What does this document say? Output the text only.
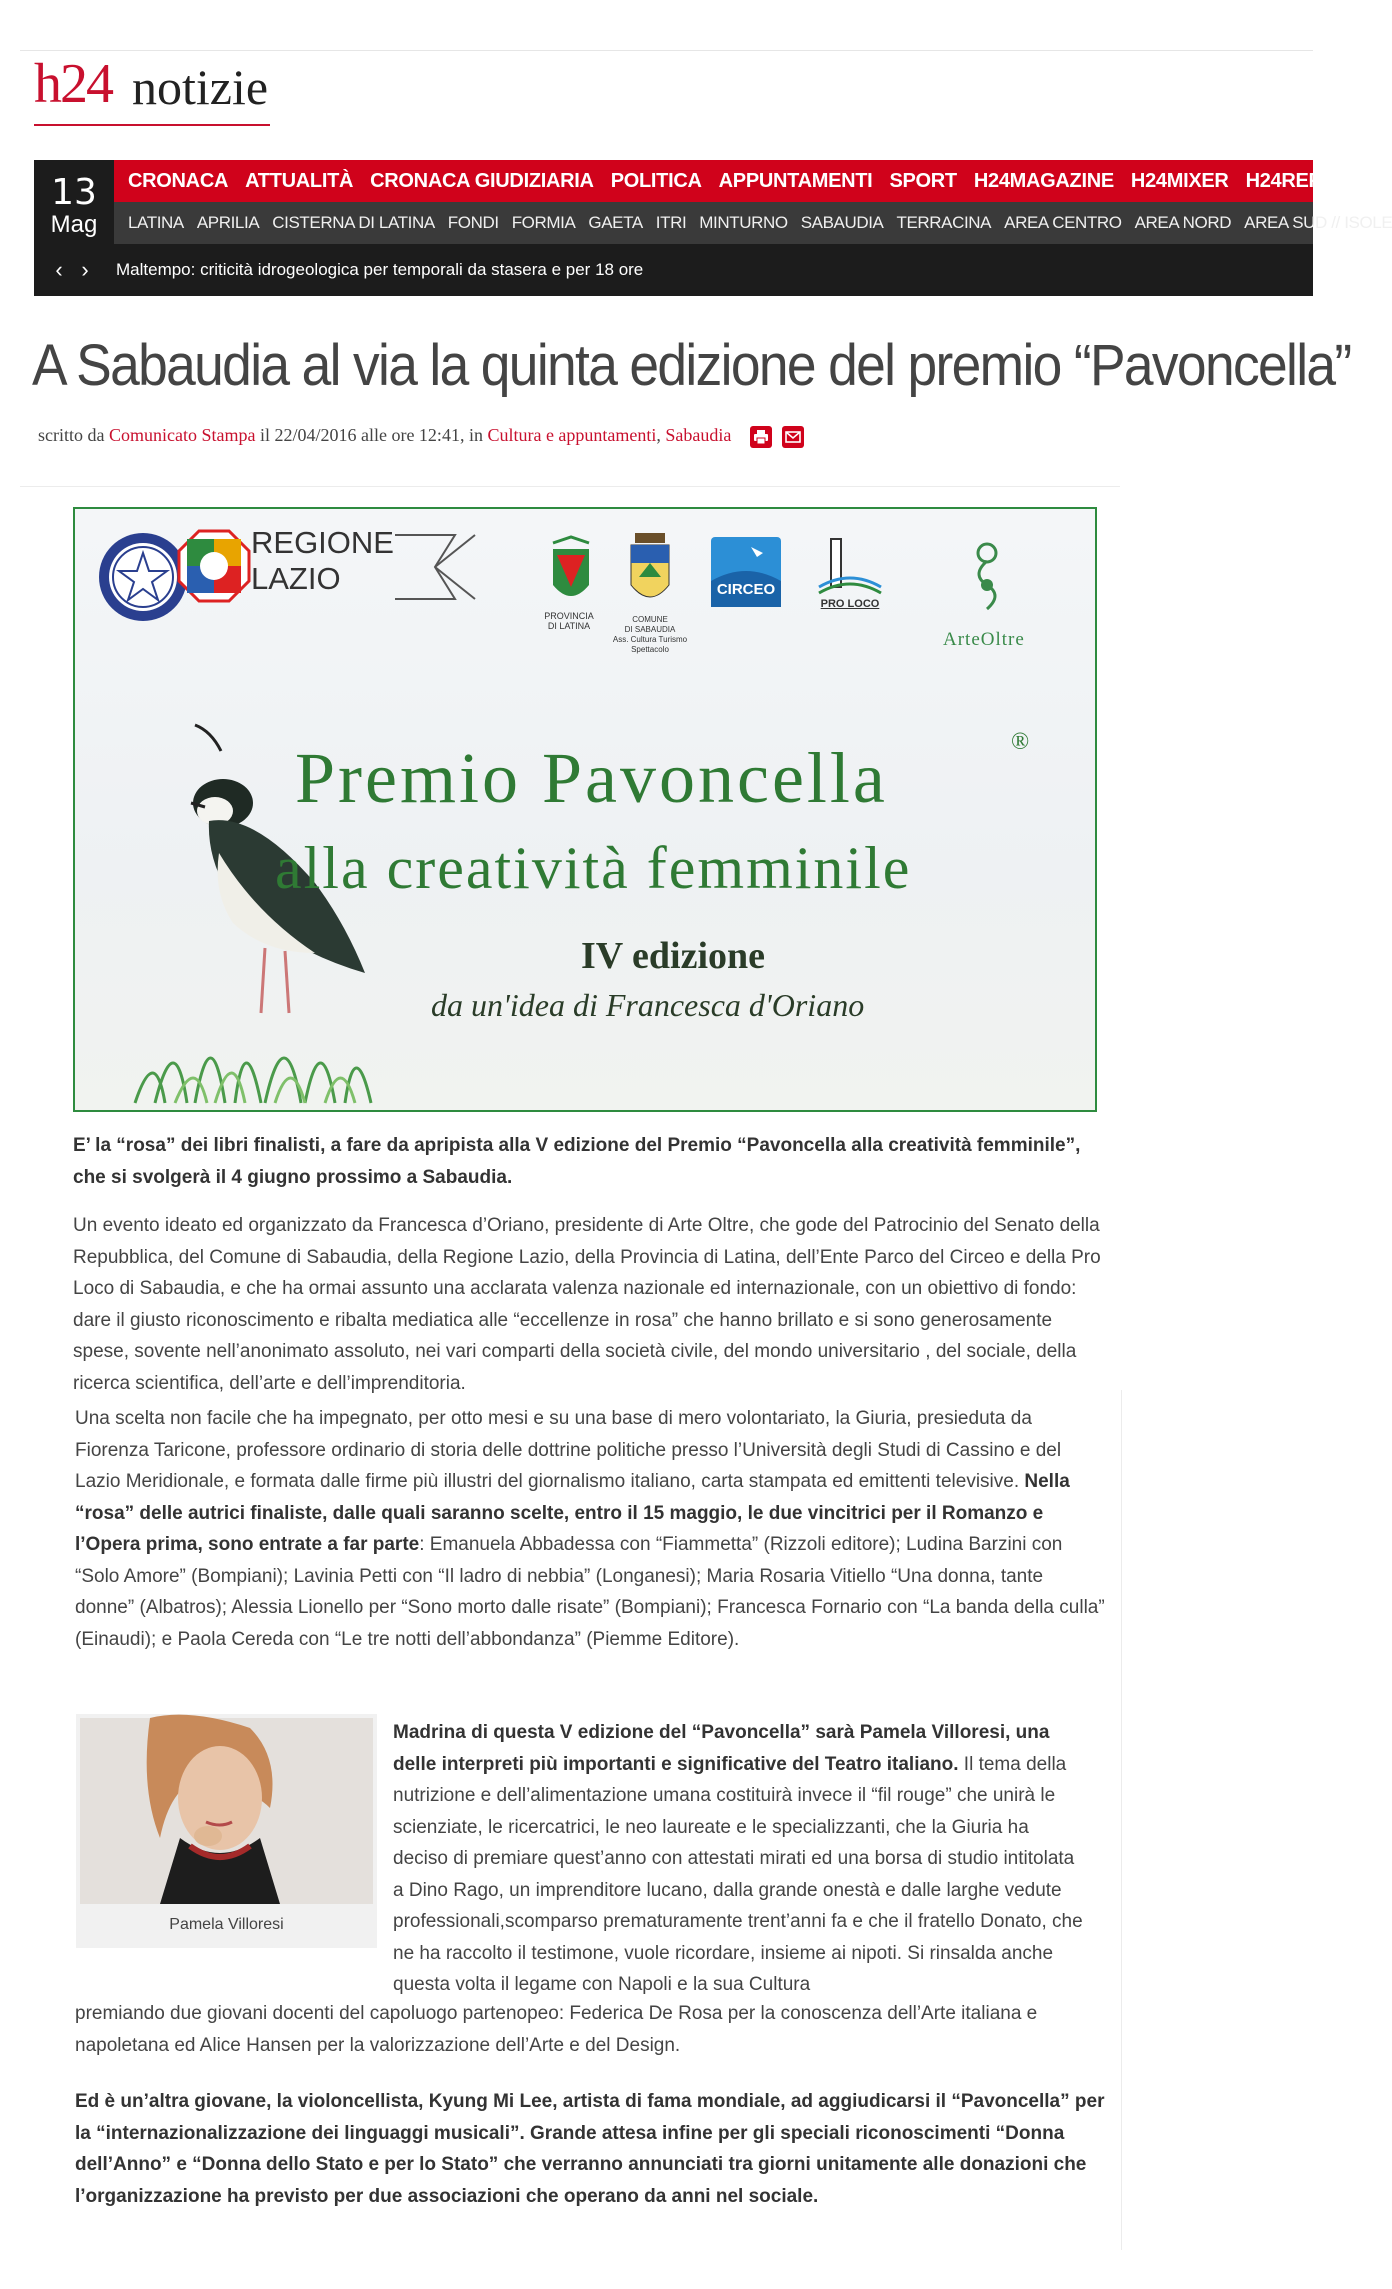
h24 notizie
13
Mag
CRONACA ATTUALITÀ CRONACA GIUDIZIARIA POLITICA APPUNTAMENTI SPORT H24MAGAZINE H24MIXER H24REPORT
LATINA APRILIA CISTERNA DI LATINA FONDI FORMIA GAETA ITRI MINTURNO SABAUDIA TERRACINA AREA CENTRO AREA NORD AREA SUD // ISOLE
‹ ›	Maltempo: criticità idrogeologica per temporali da stasera e per 18 ore
A Sabaudia al via la quinta edizione del premio “Pavoncella”
scritto da Comunicato Stampa il 22/04/2016 alle ore 12:41, in Cultura e appuntamenti, Sabaudia

REGIONE
LAZIO
PROVINCIA
DI LATINA
COMUNE
DI SABAUDIA
Ass. Cultura Turismo
Spettacolo
CIRCEO
PRO LOCO
ArteOltre
Premio Pavoncella	®
alla creatività femminile
IV edizione
da un'idea di Francesca d'Oriano
E’ la “rosa” dei libri finalisti, a fare da apripista alla V edizione del Premio “Pavoncella alla creatività femminile”, che si svolgerà il 4 giugno prossimo a Sabaudia.
Un evento ideato ed organizzato da Francesca d’Oriano, presidente di Arte Oltre, che gode del Patrocinio del Senato della Repubblica, del Comune di Sabaudia, della Regione Lazio, della Provincia di Latina, dell’Ente Parco del Circeo e della Pro Loco di Sabaudia, e che ha ormai assunto una acclarata valenza nazionale ed internazionale, con un obiettivo di fondo: dare il giusto riconoscimento e ribalta mediatica alle “eccellenze in rosa” che hanno brillato e si sono generosamente spese, sovente nell’anonimato assoluto, nei vari comparti della società civile, del mondo universitario , del sociale, della ricerca scientifica, dell’arte e dell’imprenditoria.
Una scelta non facile che ha impegnato, per otto mesi e su una base di mero volontariato, la Giuria, presieduta da Fiorenza Taricone, professore ordinario di storia delle dottrine politiche presso l’Università degli Studi di Cassino e del Lazio Meridionale, e formata dalle firme più illustri del giornalismo italiano, carta stampata ed emittenti televisive. Nella “rosa” delle autrici finaliste, dalle quali saranno scelte, entro il 15 maggio, le due vincitrici per il Romanzo e l’Opera prima, sono entrate a far parte: Emanuela Abbadessa con “Fiammetta” (Rizzoli editore); Ludina Barzini con “Solo Amore” (Bompiani); Lavinia Petti con “Il ladro di nebbia” (Longanesi); Maria Rosaria Vitiello “Una donna, tante donne” (Albatros); Alessia Lionello per “Sono morto dalle risate” (Bompiani); Francesca Fornario con “La banda della culla” (Einaudi); e Paola Cereda con “Le tre notti dell’abbondanza” (Piemme Editore).
Pamela Villoresi
Madrina di questa V edizione del “Pavoncella” sarà Pamela Villoresi, una delle interpreti più importanti e significative del Teatro italiano. Il tema della nutrizione e dell’alimentazione umana costituirà invece il “fil rouge” che unirà le scienziate, le ricercatrici, le neo laureate e le specializzanti, che la Giuria ha deciso di premiare quest’anno con attestati mirati ed una borsa di studio intitolata a Dino Rago, un imprenditore lucano, dalla grande onestà e dalle larghe vedute professionali,scomparso prematuramente trent’anni fa e che il fratello Donato, che ne ha raccolto il testimone, vuole ricordare, insieme ai nipoti. Si rinsalda anche questa volta il legame con Napoli e la sua Cultura
premiando due giovani docenti del capoluogo partenopeo: Federica De Rosa per la conoscenza dell’Arte italiana e napoletana ed Alice Hansen per la valorizzazione dell’Arte e del Design.
Ed è un’altra giovane, la violoncellista, Kyung Mi Lee, artista di fama mondiale, ad aggiudicarsi il “Pavoncella” per la “internazionalizzazione dei linguaggi musicali”. Grande attesa infine per gli speciali riconoscimenti “Donna dell’Anno” e “Donna dello Stato e per lo Stato” che verranno annunciati tra giorni unitamente alle donazioni che l’organizzazione ha previsto per due associazioni che operano da anni nel sociale.
